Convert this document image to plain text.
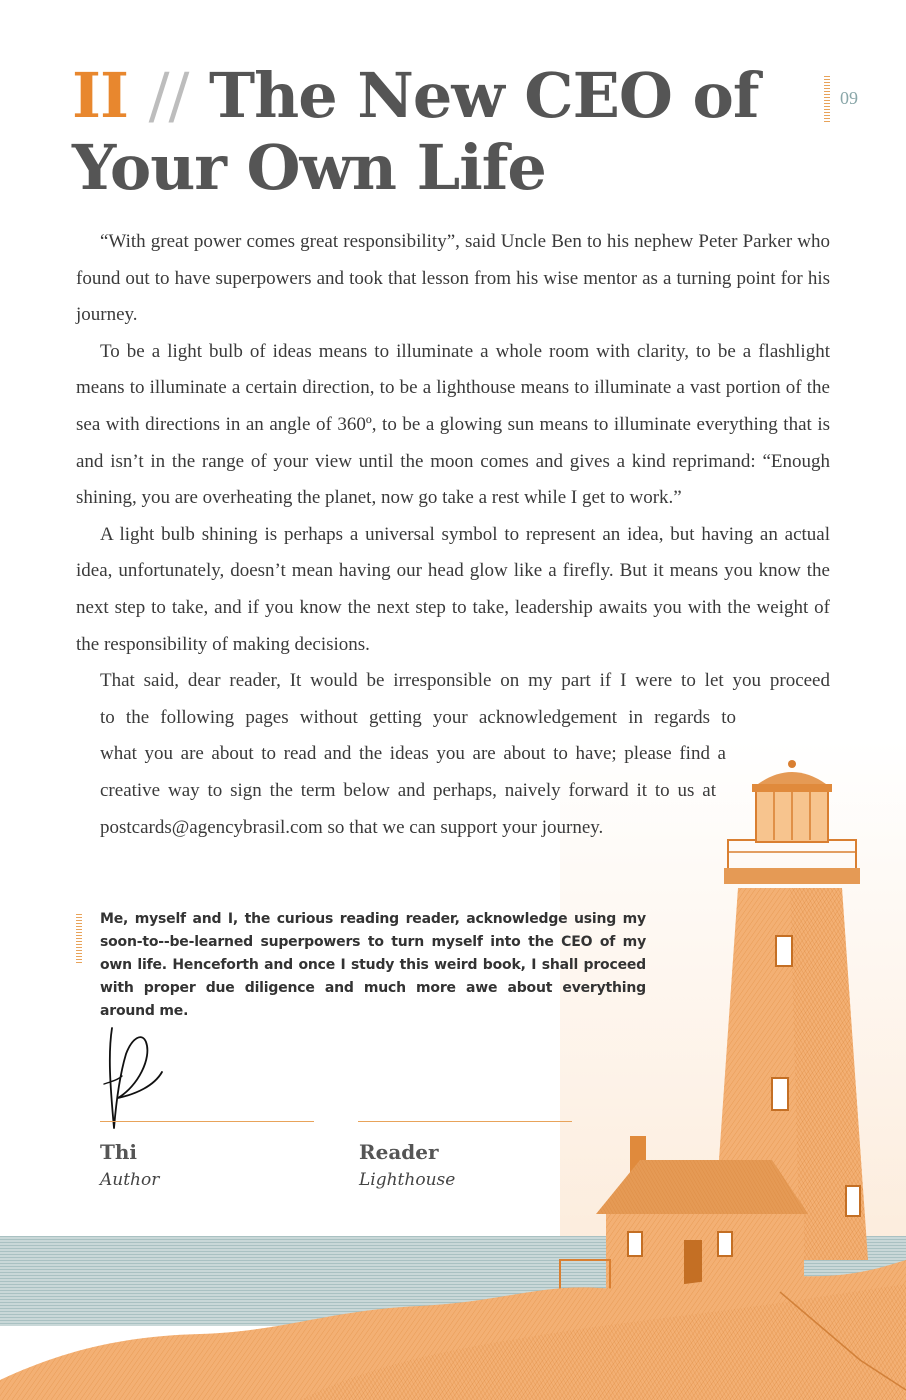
II // The New CEO of
Your Own Life
09

“With great power comes great responsibility”, said Uncle Ben to his nephew Peter Parker who found out to have superpowers and took that lesson from his wise mentor as a turning point for his journey.

To be a light bulb of ideas means to illuminate a whole room with clarity, to be a flashlight means to illuminate a certain direction, to be a lighthouse means to illuminate a vast portion of the sea with directions in an angle of 360º, to be a glowing sun means to illuminate everything that is and isn’t in the range of your view until the moon comes and gives a kind reprimand: “Enough shining, you are overheating the planet, now go take a rest while I get to work.”

A light bulb shining is perhaps a universal symbol to represent an idea, but having an actual idea, unfortunately, doesn’t mean having our head glow like a firefly. But it means you know the next step to take, and if you know the next step to take, leadership awaits you with the weight of the responsibility of making decisions.

That said, dear reader, It would be irresponsible on my part if I were to let you proceed
to the following pages without getting your acknowledgement in regards to
what you are about to read and the ideas you are about to have; please find a
creative way to sign the term below and perhaps, naively forward it to us at
postcards@agencybrasil.com so that we can support your journey.

Me, myself and I, the curious reading reader, acknowledge using my soon-to--be-learned superpowers to turn myself into the CEO of my own life. Henceforth and once I study this weird book, I shall proceed with proper due diligence and much more awe about everything around me.

Thi
Author
Reader
Lighthouse
